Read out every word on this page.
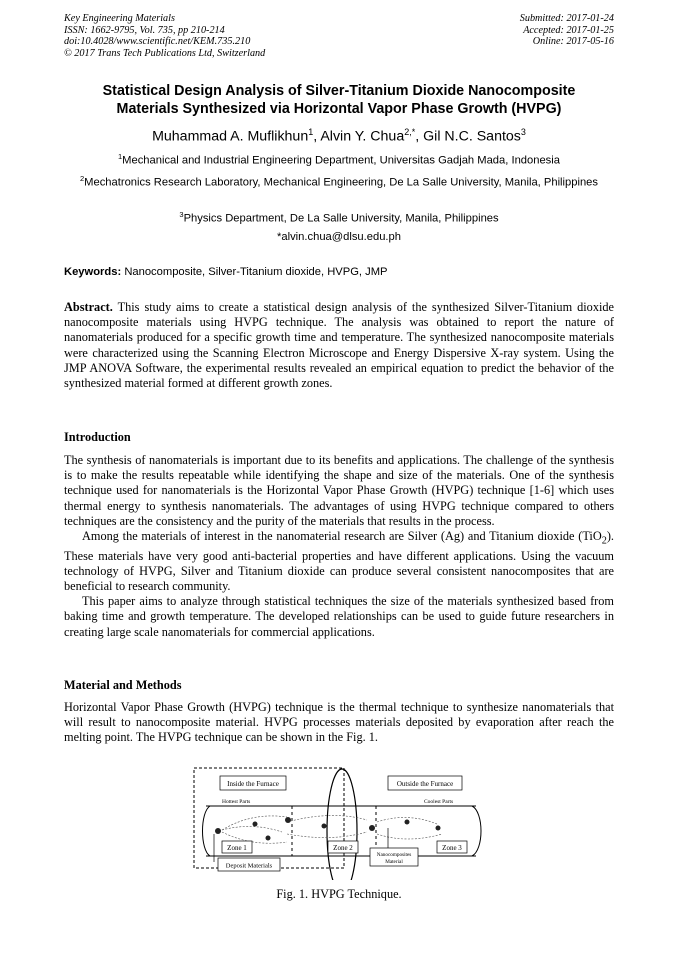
Key Engineering Materials
ISSN: 1662-9795, Vol. 735, pp 210-214
doi:10.4028/www.scientific.net/KEM.735.210
© 2017 Trans Tech Publications Ltd, Switzerland
Submitted: 2017-01-24
Accepted: 2017-01-25
Online: 2017-05-16
Statistical Design Analysis of Silver-Titanium Dioxide Nanocomposite
Materials Synthesized via Horizontal Vapor Phase Growth (HVPG)
Muhammad A. Muflikhun$^1$, Alvin Y. Chua$^{2,*}$, Gil N.C. Santos$^3$
$^1$Mechanical and Industrial Engineering Department, Universitas Gadjah Mada, Indonesia
$^2$Mechatronics Research Laboratory, Mechanical Engineering, De La Salle University, Manila, Philippines
$^3$Physics Department, De La Salle University, Manila, Philippines
*alvin.chua@dlsu.edu.ph
Keywords: Nanocomposite, Silver-Titanium dioxide, HVPG, JMP
Abstract. This study aims to create a statistical design analysis of the synthesized Silver-Titanium dioxide nanocomposite materials using HVPG technique. The analysis was obtained to report the nature of nanomaterials produced for a specific growth time and temperature. The synthesized nanocomposite materials were characterized using the Scanning Electron Microscope and Energy Dispersive X-ray system. Using the JMP ANOVA Software, the experimental results revealed an empirical equation to predict the behavior of the synthesized material formed at different growth zones.
Introduction
The synthesis of nanomaterials is important due to its benefits and applications. The challenge of the synthesis is to make the results repeatable while identifying the shape and size of the materials. One of the synthesis technique used for nanomaterials is the Horizontal Vapor Phase Growth (HVPG) technique [1-6] which uses thermal energy to synthesis nanomaterials. The advantages of using HVPG technique compared to others techniques are the consistency and the purity of the materials that results in the process.
Among the materials of interest in the nanomaterial research are Silver (Ag) and Titanium dioxide (TiO$_2$). These materials have very good anti-bacterial properties and have different applications. Using the vacuum technology of HVPG, Silver and Titanium dioxide can produce several consistent nanocomposites that are beneficial to research community.
This paper aims to analyze through statistical techniques the size of the materials synthesized based from baking time and growth temperature. The developed relationships can be used to guide future researchers in creating large scale nanomaterials for commercial applications.
Material and Methods
Horizontal Vapor Phase Growth (HVPG) technique is the thermal technique to synthesize nanomaterials that will result to nanocomposite material. HVPG processes materials deposited by evaporation after reach the melting point. The HVPG technique can be shown in the Fig. 1.
Inside the Furnace	Outside the Furnace
Hottest Parts	Coolest Parts
Zone 1	Zone 2	Zone 3
Deposit Materials
Nanocomposites
Material
Fig. 1. HVPG Technique.
